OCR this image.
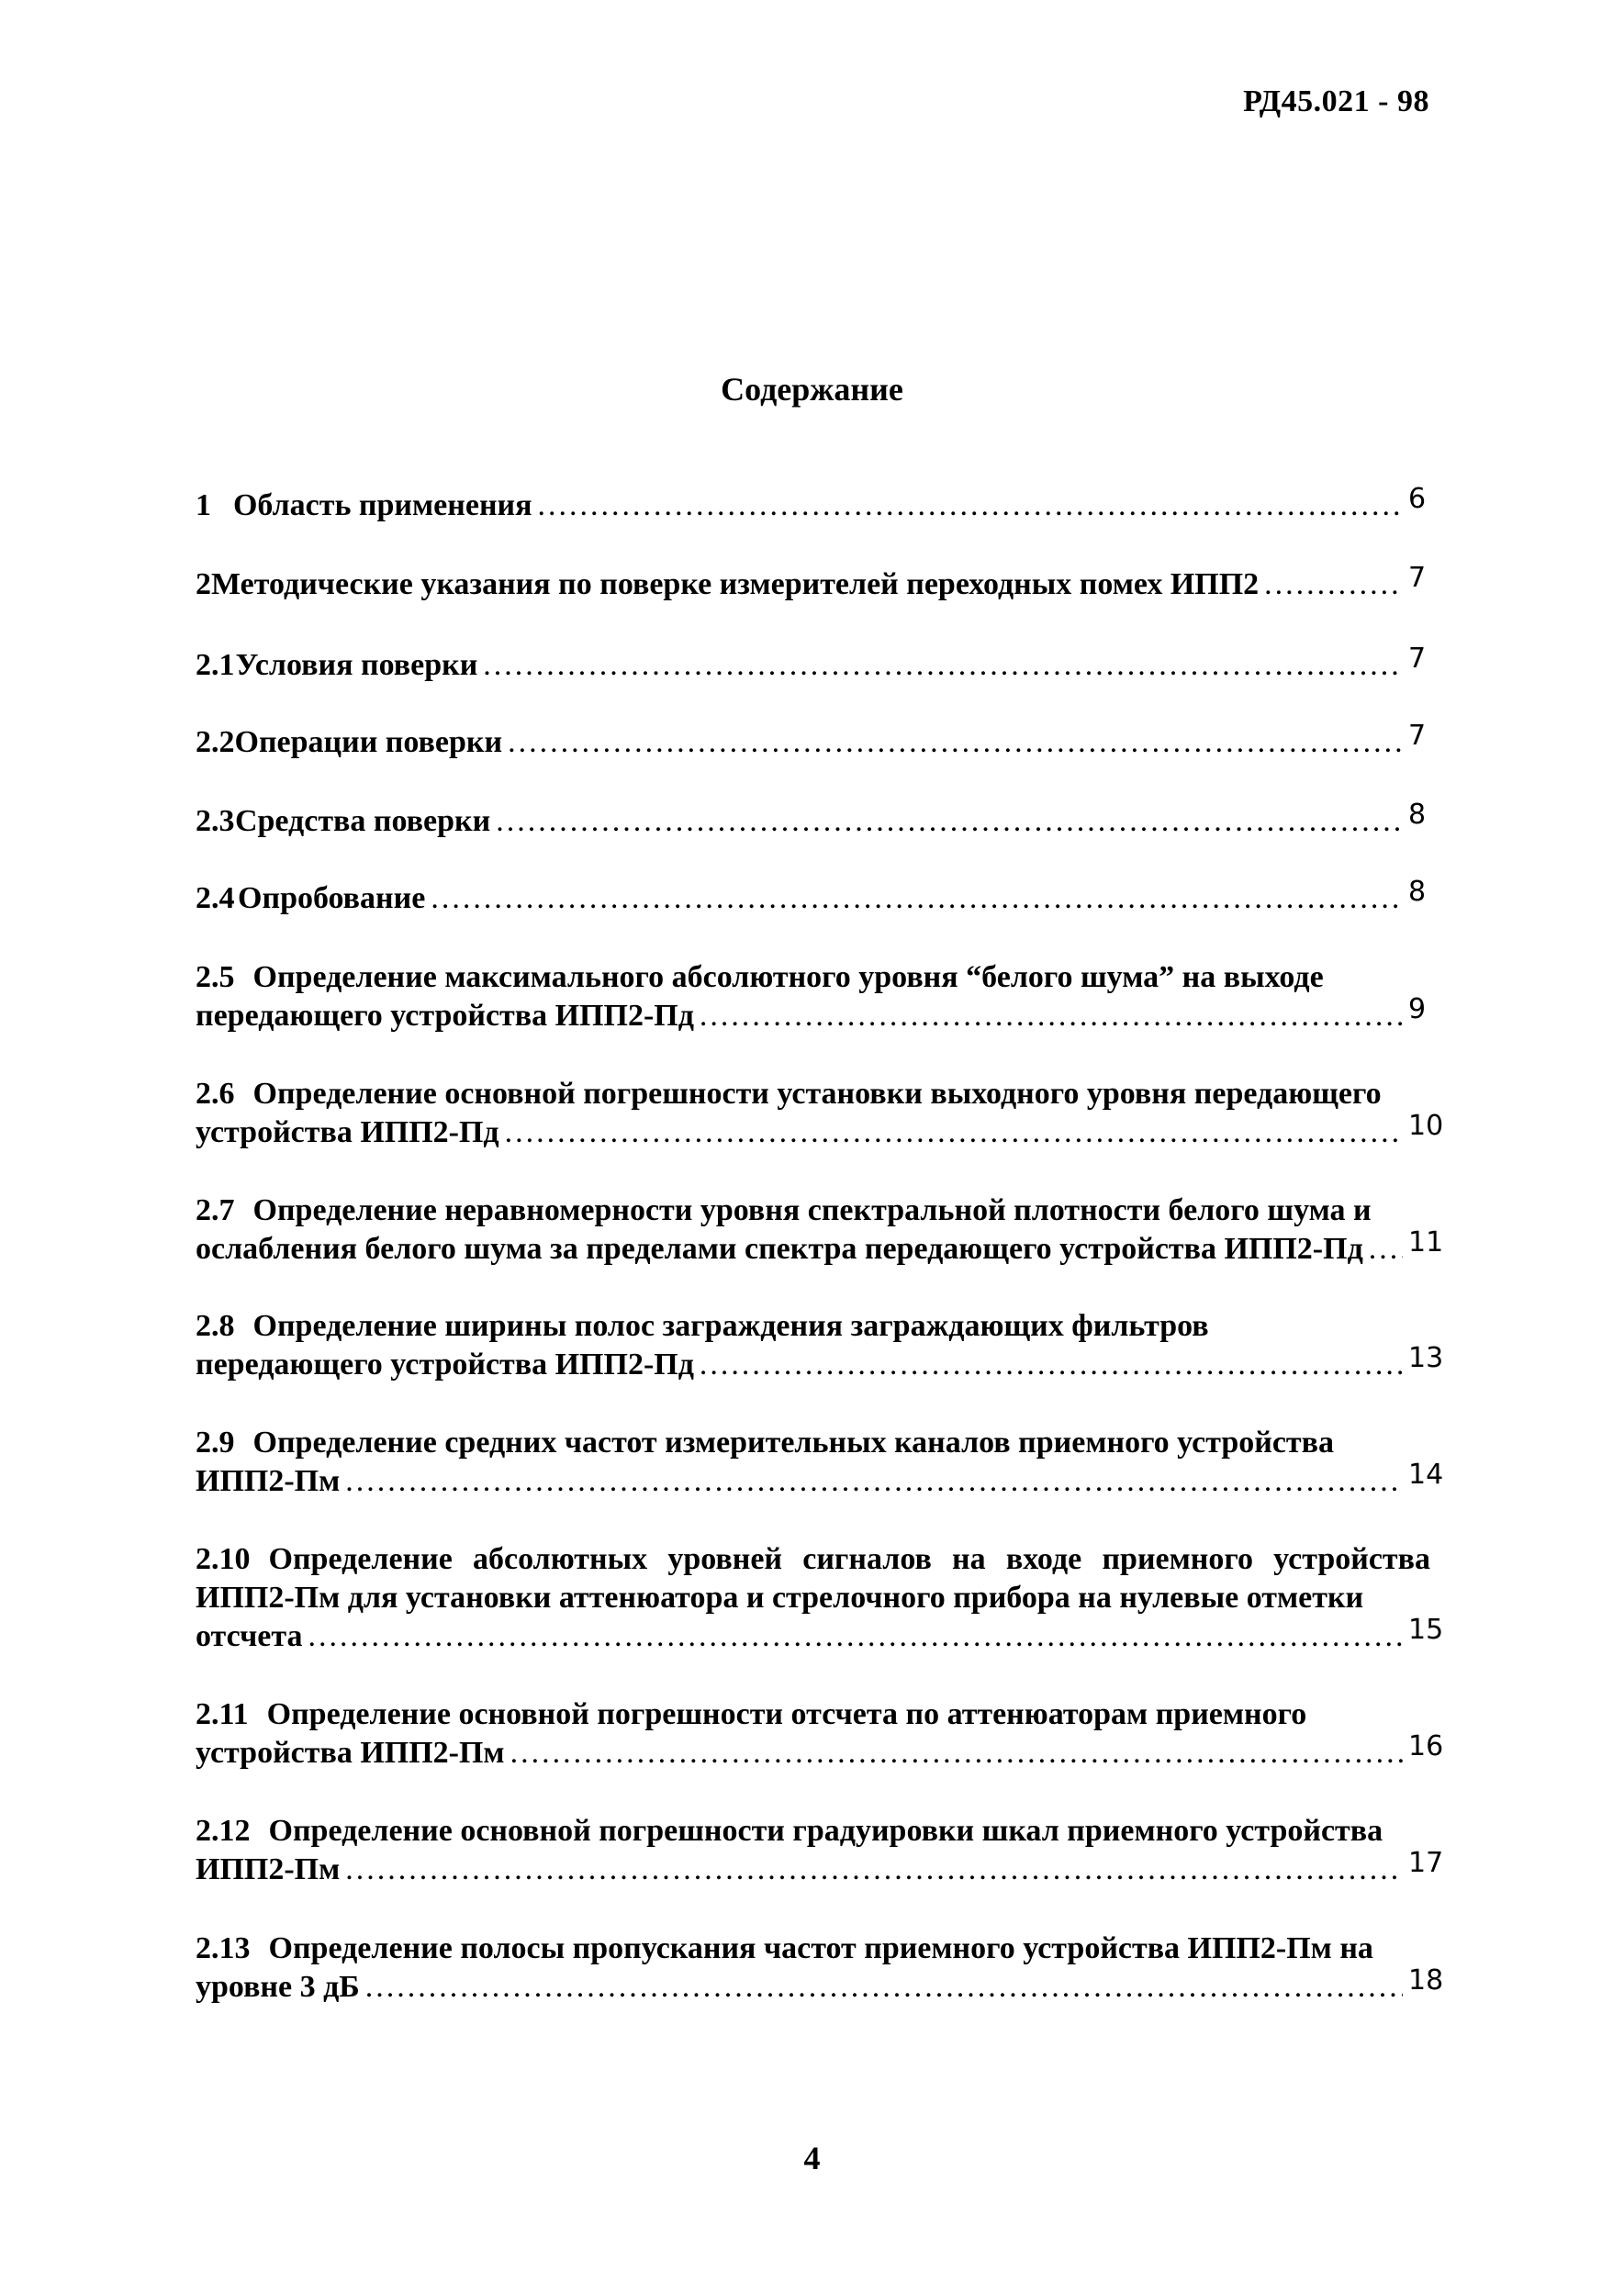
РД45.021 - 98
Содержание
1 Область применения .....	6
2 Методические указания по поверке измерителей переходных помех ИПП2 .....	7
2.1 Условия поверки .....	7
2.2 Операции поверки .....	7
2.3 Средства поверки .....	8
2.4 Опробование .....	8
2.5 Определение максимального абсолютного уровня “белого шума” на выходе
передающего устройства ИПП2-Пд .....	9
2.6 Определение основной погрешности установки выходного уровня передающего
устройства ИПП2-Пд .....	10
2.7 Определение неравномерности уровня спектральной плотности белого шума и
ослабления белого шума за пределами спектра передающего устройства ИПП2-Пд ..... 11
2.8 Определение ширины полос заграждения заграждающих фильтров
передающего устройства ИПП2-Пд .....	13
2.9 Определение средних частот измерительных каналов приемного устройства
ИПП2-Пм .....	14
2.10 Определение абсолютных уровней сигналов на входе приемного устройства ИПП2-Пм для установки аттенюатора и стрелочного прибора на нулевые отметки
отсчета .....	15
2.11 Определение основной погрешности отсчета по аттенюаторам приемного
устройства ИПП2-Пм .....	16
2.12 Определение основной погрешности градуировки шкал приемного устройства
ИПП2-Пм .....	17
2.13 Определение полосы пропускания частот приемного устройства ИПП2-Пм на
уровне 3 дБ .....	18
4
